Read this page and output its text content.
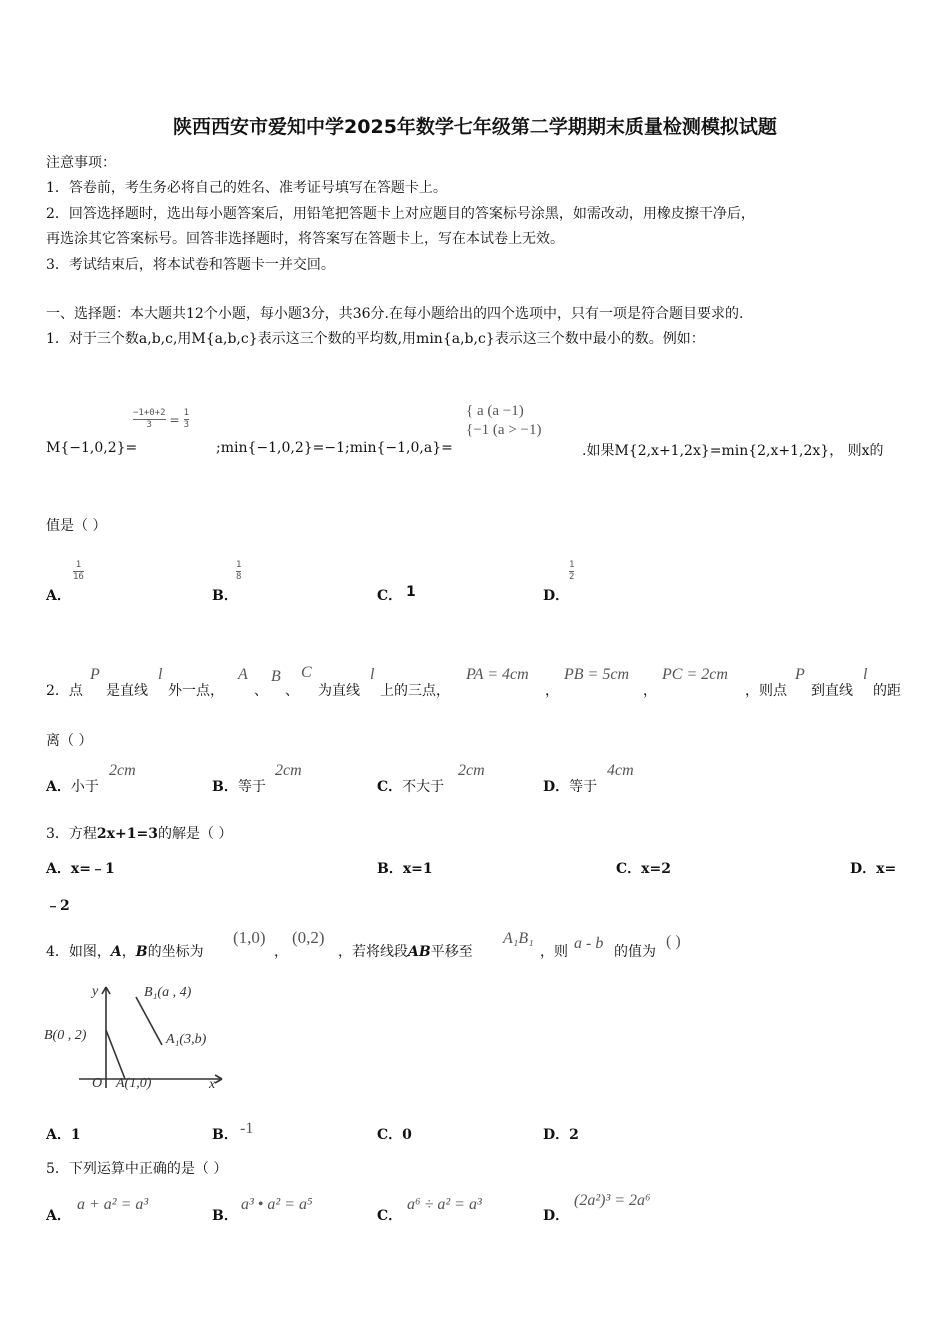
陕西西安市爱知中学2025年数学七年级第二学期期末质量检测模拟试题
注意事项：
1．答卷前，考生务必将自己的姓名、准考证号填写在答题卡上。
2．回答选择题时，选出每小题答案后，用铅笔把答题卡上对应题目的答案标号涂黑，如需改动，用橡皮擦干净后，
再选涂其它答案标号。回答非选择题时，将答案写在答题卡上，写在本试卷上无效。
3．考试结束后，将本试卷和答题卡一并交回。
一、选择题：本大题共12个小题，每小题3分，共36分.在每小题给出的四个选项中，只有一项是符合题目要求的.
1．对于三个数a,b,c,用M{a,b,c}表示这三个数的平均数,用min{a,b,c}表示这三个数中最小的数。例如：
$\frac{-1+0+2}{3} = \frac{1}{3}$
M{−1,0,2}=	;min{−1,0,2}=−1;min{−1,0,a}=
{ a (a −1)
{−1 (a > −1)
.如果M{2,x+1,2x}=min{2,x+1,2x}， 则x的
值是（ ）
A．
$\frac{1}{16}$
B．
$\frac{1}{8}$
C． 1	D．
$\frac{1}{2}$
2．点
P
是直线
l
外一点，
A
、
B
、
C
为直线
l
上的三点，
PA = 4cm
，
PB = 5cm
，
PC = 2cm
，则点
P
到直线
l
的距
离（ ）
A．小于
2cm
B．等于
2cm
C．不大于
2cm
D．等于
4cm
3．方程2x+1=3的解是（ ）
A．x=﹣1	B．x=1	C．x=2	D．x=
﹣2
4．如图，A，B的坐标为
(1,0)
，
(0,2)
，若将线段AB平移至
A₁B₁
，则 a - b 的值为
( )
y
x
O
B₁(a , 4)
B(0 , 2)	A₁(3,b)
A(1,0)
A．1	B． -1	C．0	D．2
5．下列运算中正确的是（ ）
A．
a + a² = a³
B．
a³ • a² = a⁵
C．
a⁶ ÷ a² = a³
D．
(2a²)³ = 2a⁶
